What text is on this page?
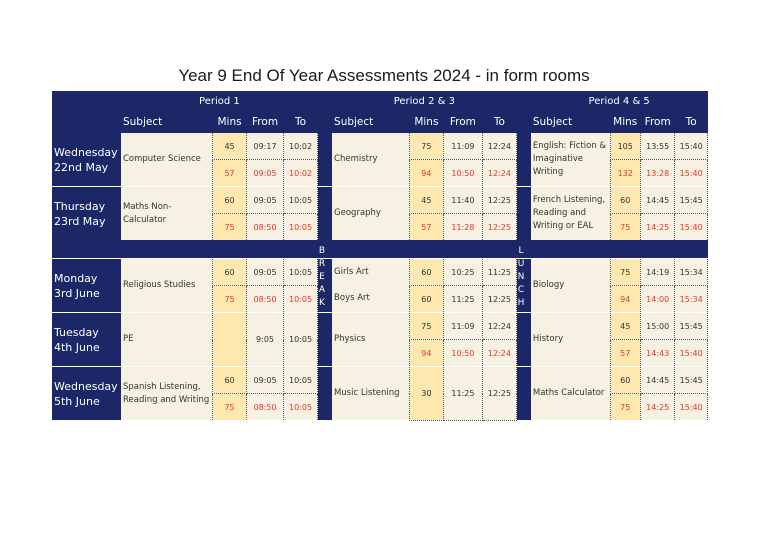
Year 9 End Of Year Assessments 2024 - in form rooms
	Period 1					Period 2 & 3					Period 4 & 5			
	Subject	Mins	From	To		Subject	Mins	From	To		Subject	Mins	From	To
Wednesday 22nd May	Computer Science	45	09:17	10:02		Chemistry	75	11:09	12:24		English: Fiction & Imaginative Writing	105	13:55	15:40
		57	09:05	10:02			94	10:50	12:24			132	13:28	15:40
Thursday 23rd May	Maths Non-Calculator	60	09:05	10:05		Geography	45	11:40	12:25		French Listening, Reading and Writing or EAL	60	14:45	15:45
		75	08:50	10:05			57	11:28	12:25			75	14:25	15:40

Monday 3rd June	Religious Studies	60	09:05	10:05		Girls Art	60	10:25	11:25		Biology	75	14:19	15:34
		75	08:50	10:05		Boys Art	60	11:25	12:25			94	14:00	15:34
Tuesday 4th June	PE		9:05	10:05		Physics	75	11:09	12:24		History	45	15:00	15:45
							94	10:50	12:24			57	14:43	15:40
Wednesday 5th June	Spanish Listening, Reading and Writing	60	09:05	10:05		Music Listening	30	11:25	12:25		Maths Calculator	60	14:45	15:45
		75	08:50	10:05								75	14:25	15:40
B
R
E
A
K
L
U
N
C
H
